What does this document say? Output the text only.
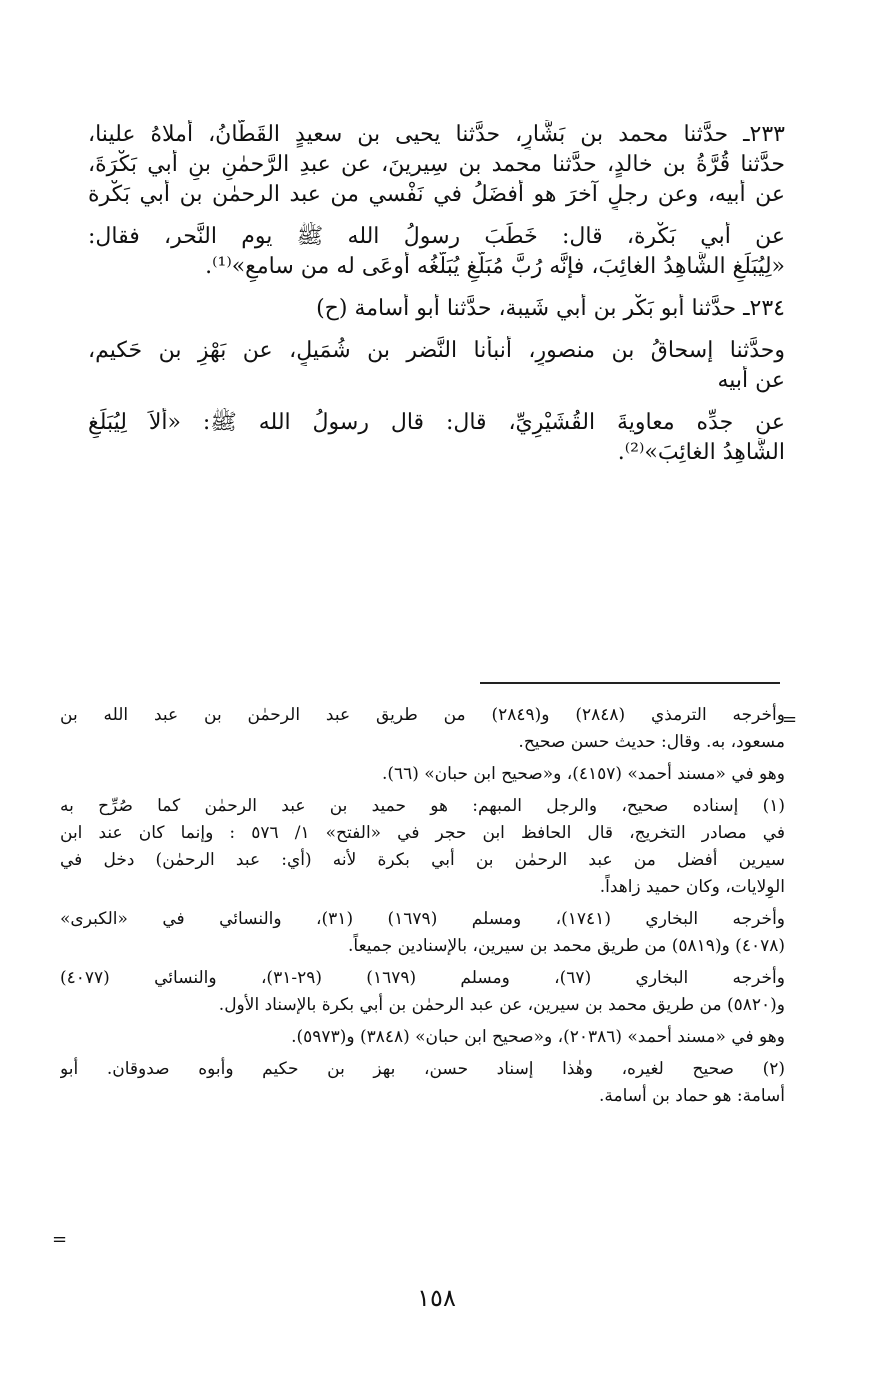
٢٣٣ـ حدَّثنا محمد بن بَشَّارٍ، حدَّثنا يحيى بن سعيدٍ القَطَّانُ، أملاهُ علينا،

حدَّثنا قُرَّةُ بن خالدٍ، حدَّثنا محمد بن سِيرينَ، عن عبدِ الرَّحمٰنِ بنِ أبي بَكْرَةَ،

عن أبيه، وعن رجلٍ آخرَ هو أفضَلُ في نَفْسي من عبد الرحمٰن بن أَبي بَكْرة

عن أبي بَكْرة، قال: خَطَبَ رسولُ الله ﷺ يوم النَّحر، فقال:

«لِيُبَلِّغِ الشَّاهِدُ الغائِبَ، فإنَّه رُبَّ مُبَلَّغٍ يُبَلَّغُه أوعَى له من سامعٍ»⁽¹⁾.

٢٣٤ـ حدَّثنا أبو بَكْر بن أبي شَيبة، حدَّثنا أبو أسامة (ح)

وحدَّثنا إسحاقُ بن منصورٍ، أنبأنا النَّضر بن شُمَيلٍ، عن بَهْزِ بن حَكيم،

عن أبيه

عن جدِّه معاويةَ القُشَيْرِيِّ، قال: قال رسولُ الله ﷺ: «ألاَ لِيُبَلِّغِ

الشَّاهِدُ الغائِبَ»⁽²⁾.

=

وأخرجه الترمذي (٢٨٤٨) و(٢٨٤٩) من طريق عبد الرحمٰن بن عبد الله بن

مسعود، به. وقال: حديث حسن صحيح.

وهو في «مسند أحمد» (٤١٥٧)، و«صحيح ابن حبان» (٦٦).

(١) إسناده صحيح، والرجل المبهم: هو حميد بن عبد الرحمٰن كما صُرِّح به

في مصادر التخريج، قال الحافظ ابن حجر في «الفتح» ١/ ٥٧٦ : وإنما كان عند ابن

سيرين أفضل من عبد الرحمٰن بن أبي بكرة لأنه (أي: عبد الرحمٰن) دخل في

الوِلايات، وكان حميد زاهداً.

وأخرجه البخاري (١٧٤١)، ومسلم (١٦٧٩) (٣١)، والنسائي في «الكبرى»

(٤٠٧٨) و(٥٨١٩) من طريق محمد بن سيرين، بالإسنادين جميعاً.

وأخرجه البخاري (٦٧)، ومسلم (١٦٧٩) (٢٩-٣١)، والنسائي (٤٠٧٧)

و(٥٨٢٠) من طريق محمد بن سيرين، عن عبد الرحمٰن بن أبي بكرة بالإسناد الأول.

وهو في «مسند أحمد» (٢٠٣٨٦)، و«صحيح ابن حبان» (٣٨٤٨) و(٥٩٧٣).

(٢) صحيح لغيره، وهٰذا إسناد حسن، بهز بن حكيم وأبوه صدوقان. أبو

أسامة: هو حماد بن أسامة.

=
١٥٨
